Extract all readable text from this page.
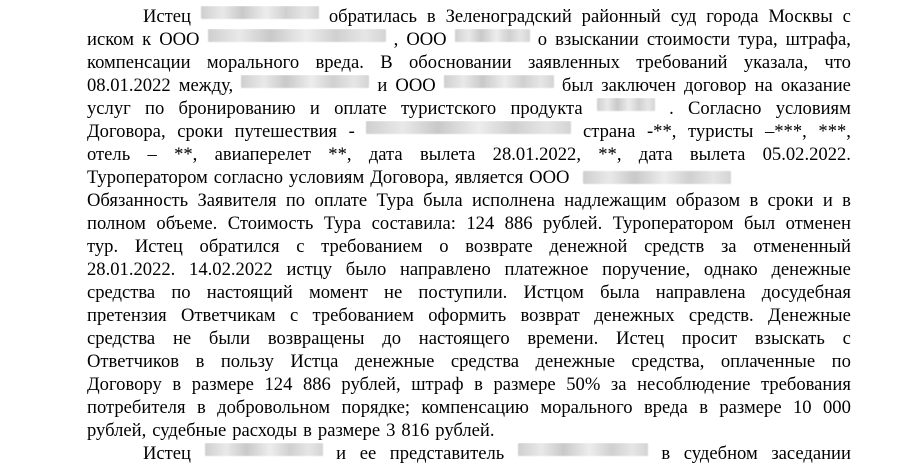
Истец	обратилась в Зеленоградский районный суд города Москвы с
иском к ООО	, ООО	о взыскании стоимости тура, штрафа,
компенсации морального вреда. В обосновании заявленных требований указала, что
08.01.2022 между,	и ООО	был заключен договор на оказание
услуг по бронированию и оплате туристского продукта	. Согласно условиям
Договора, сроки путешествия -	страна -**, туристы –***, ***,
отель – **, авиаперелет **, дата вылета 28.01.2022, **, дата вылета 05.02.2022.
Туроператором согласно условиям Договора, является ООО
Обязанность Заявителя по оплате Тура была исполнена надлежащим образом в сроки и в
полном объеме. Стоимость Тура составила: 124 886 рублей. Туроператором был отменен
тур. Истец обратился с требованием о возврате денежной средств за отмененный
28.01.2022. 14.02.2022 истцу было направлено платежное поручение, однако денежные
средства по настоящий момент не поступили. Истцом была направлена досудебная
претензия Ответчикам с требованием оформить возврат денежных средств. Денежные
средства не были возвращены до настоящего времени. Истец просит взыскать с
Ответчиков в пользу Истца денежные средства денежные средства, оплаченные по
Договору в размере 124 886 рублей, штраф в размере 50% за несоблюдение требования
потребителя в добровольном порядке; компенсацию морального вреда в размере 10 000
рублей, судебные расходы в размере 3 816 рублей.
Истец	и ее представитель	в судебном заседании
